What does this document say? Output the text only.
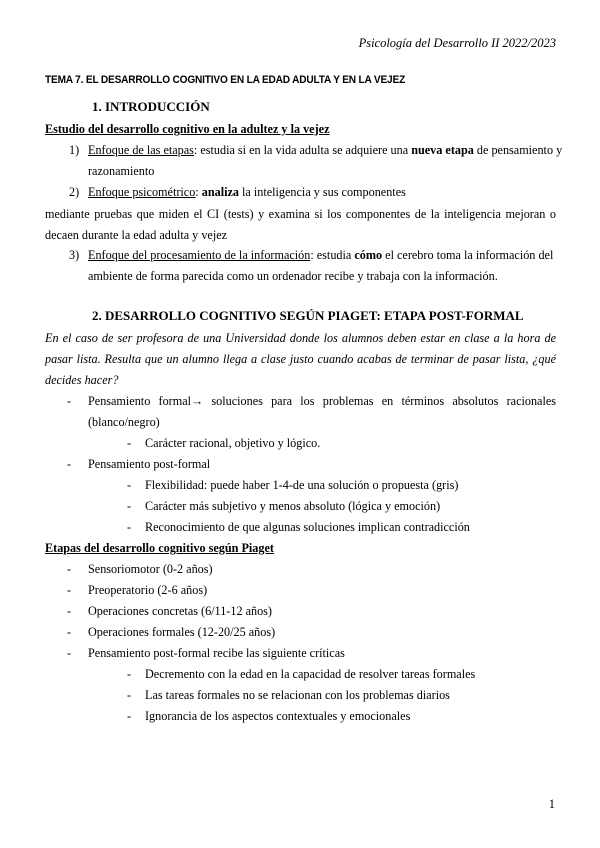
Psicología del Desarrollo II 2022/2023
TEMA 7. EL DESARROLLO COGNITIVO EN LA EDAD ADULTA Y EN LA VEJEZ
1. INTRODUCCIÓN
Estudio del desarrollo cognitivo en la adultez y la vejez
1) Enfoque de las etapas: estudia si en la vida adulta se adquiere una nueva etapa de pensamiento y
razonamiento
2) Enfoque psicométrico: analiza la inteligencia y sus componentes
mediante pruebas que miden el CI (tests) y examina si los componentes de la inteligencia mejoran o
decaen durante la edad adulta y vejez
3) Enfoque del procesamiento de la información: estudia cómo el cerebro toma la información del
ambiente de forma parecida como un ordenador recibe y trabaja con la información.
2. DESARROLLO COGNITIVO SEGÚN PIAGET: ETAPA POST-FORMAL
En el caso de ser profesora de una Universidad donde los alumnos deben estar en clase a la hora de
pasar lista. Resulta que un alumno llega a clase justo cuando acabas de terminar de pasar lista, ¿qué
decides hacer?
- Pensamiento formal→ soluciones para los problemas en términos absolutos racionales
(blanco/negro)
- Carácter racional, objetivo y lógico.
- Pensamiento post-formal
- Flexibilidad: puede haber 1-4-de una solución o propuesta (gris)
- Carácter más subjetivo y menos absoluto (lógica y emoción)
- Reconocimiento de que algunas soluciones implican contradicción
Etapas del desarrollo cognitivo según Piaget
- Sensoriomotor (0-2 años)
- Preoperatorio (2-6 años)
- Operaciones concretas (6/11-12 años)
- Operaciones formales (12-20/25 años)
- Pensamiento post-formal recibe las siguiente críticas
- Decremento con la edad en la capacidad de resolver tareas formales
- Las tareas formales no se relacionan con los problemas diarios
- Ignorancia de los aspectos contextuales y emocionales
1
